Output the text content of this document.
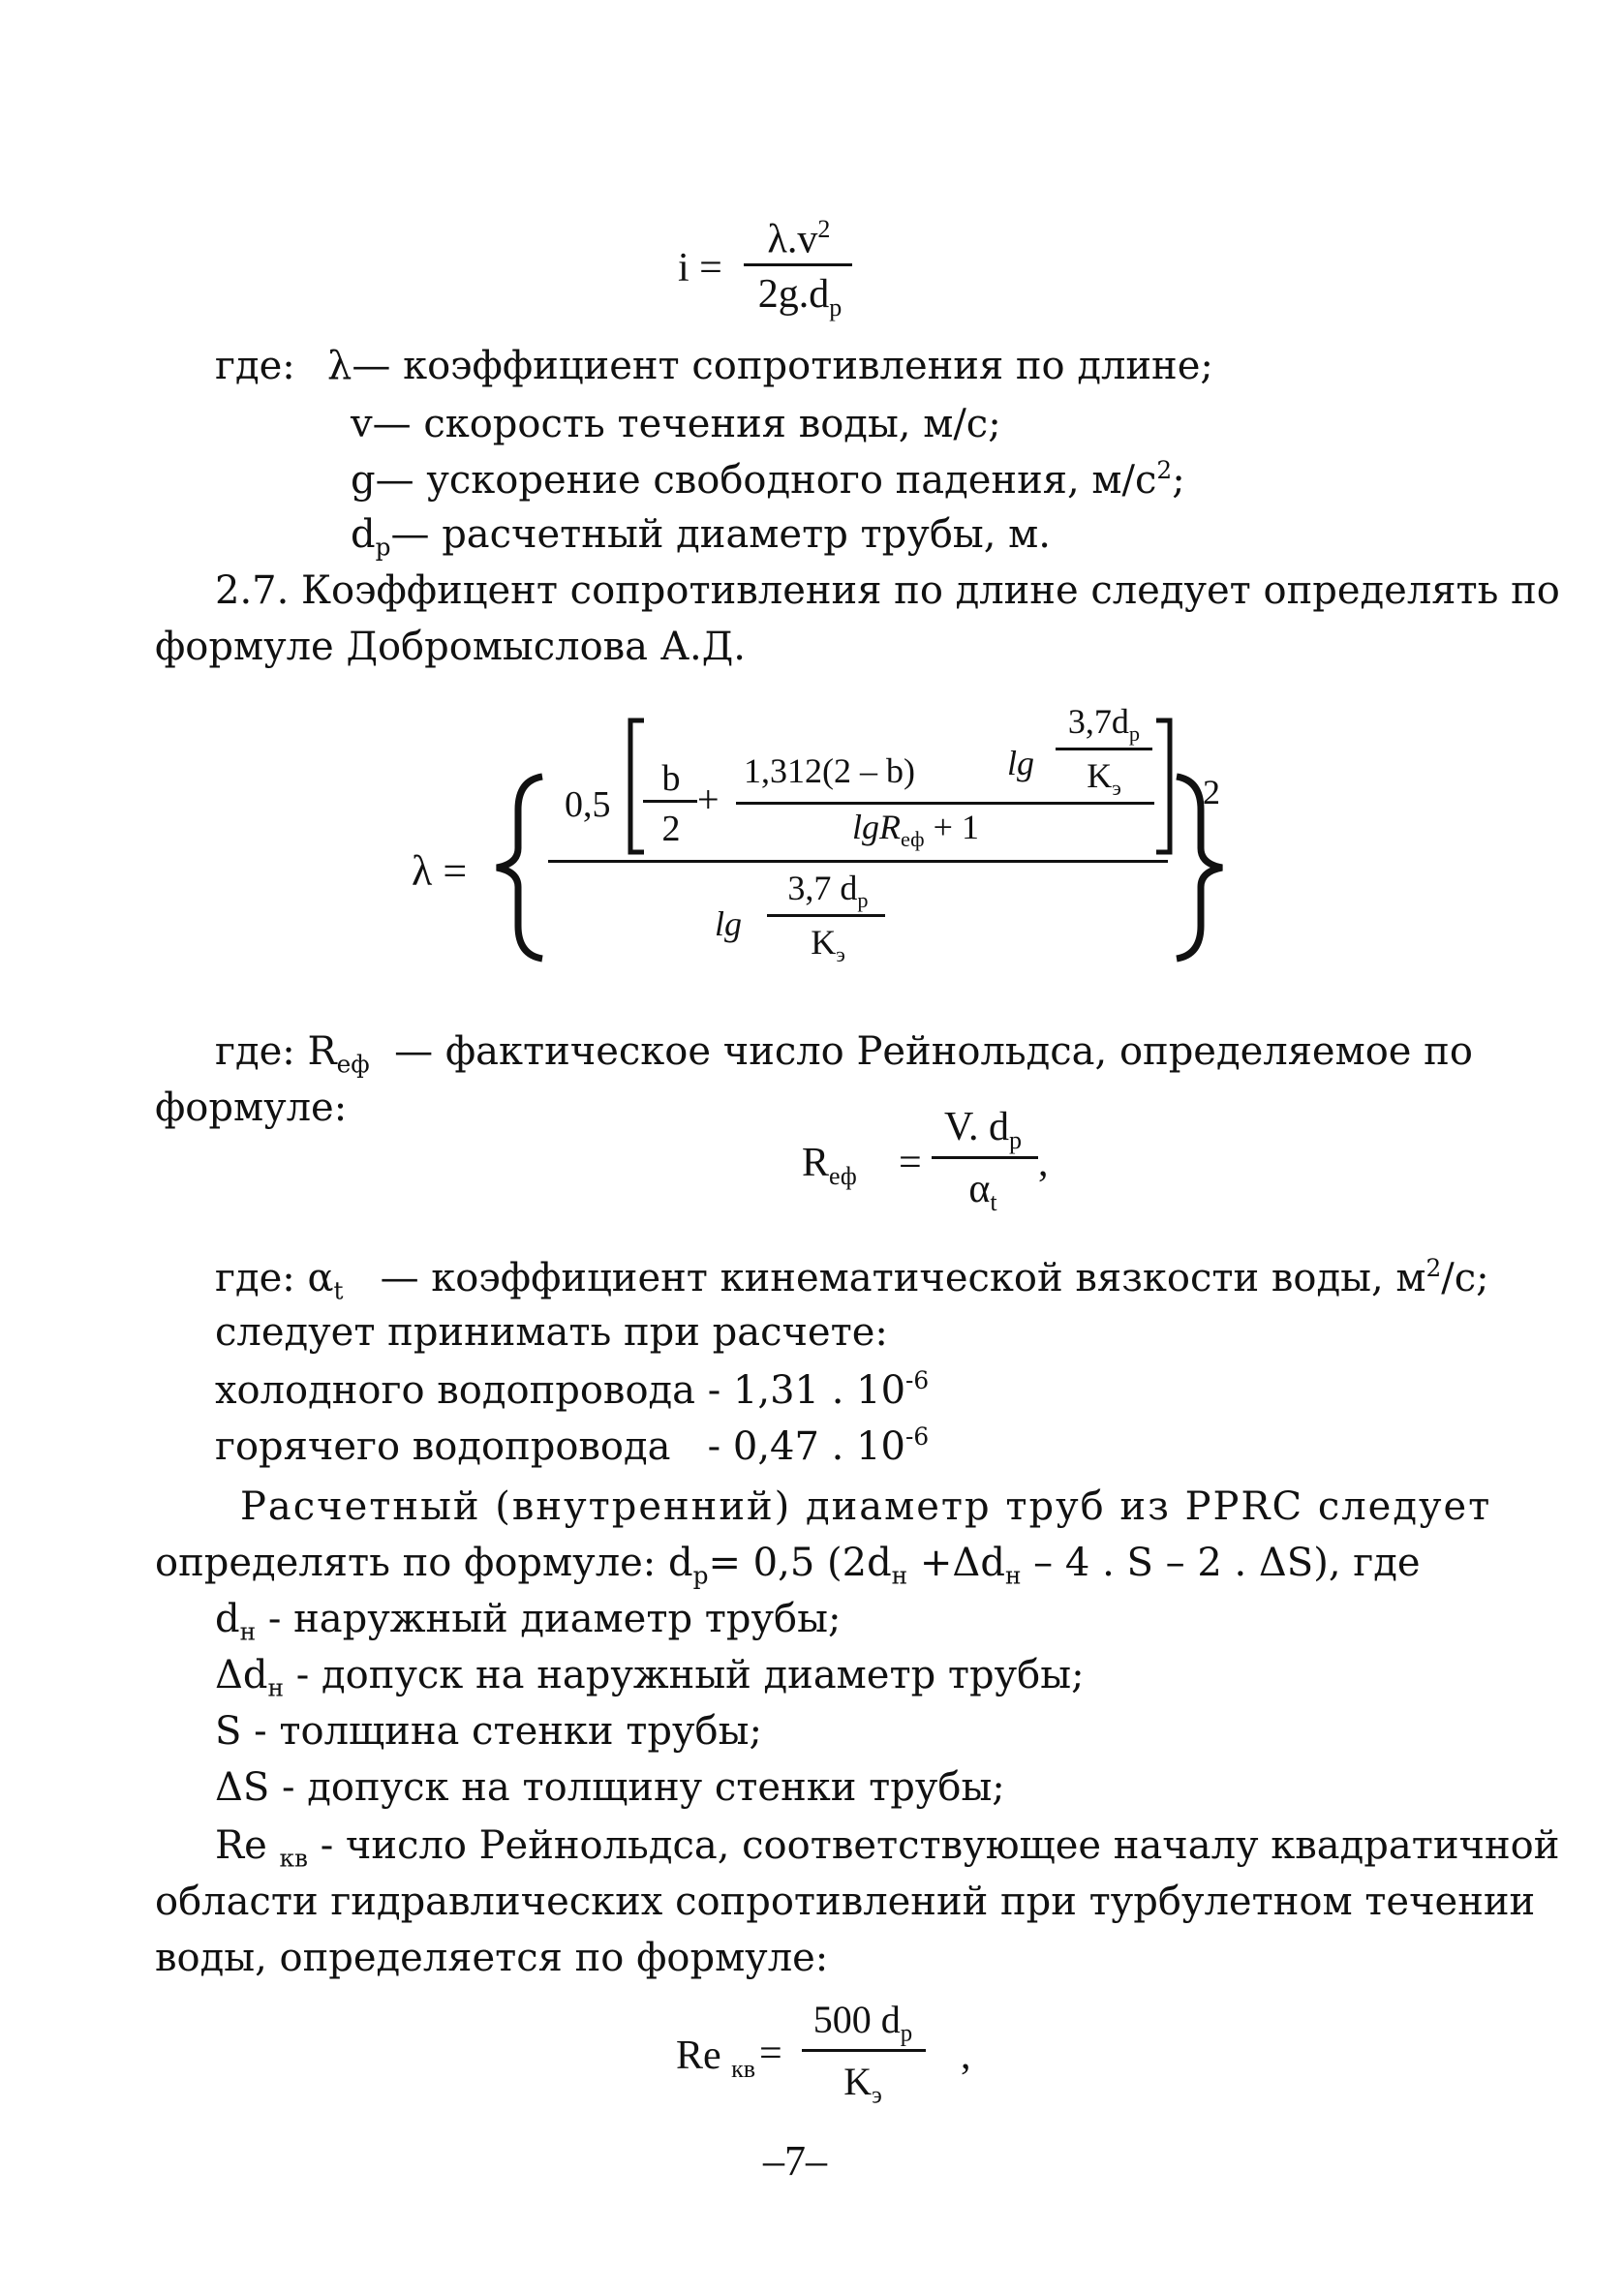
i =
$\lambda.v^2$
$2g.d_р$
где: λ— коэффициент сопротивления по длине;
v— скорость течения воды, м/с;
g— ускорение свободного падения, $м/с^2$;
$d_р—$ расчетный диаметр трубы, м.
2.7. Коэффицент сопротивления по длине следует определять по
формуле Добромыслова А.Д.
λ =
2
0,5
b
2
+
1,312(2 – b)	lg
$3,7d_р$
$K_э$
lgR$_{еф}$ + 1
lg
3,7 $d_р$
$K_э$
где: $R_{еф}$ — фактическое число Рейнольдса, определяемое по
формуле:
$R_{еф}$ =
V. $d_р$
$\alpha_t$
,
где: $\alpha_t$ — коэффициент кинематической вязкости воды, $м^2/с$;
следует принимать при расчете:
холодного водопровода - 1,31 . $10^{-6}$
горячего водопровода   - 0,47 . $10^{-6}$
Расчетный (внутренний) диаметр труб из PPRC следует
определять по формуле: $d_р= 0,5$ ($2d_н +\Delta d_н - 4$ . S – 2 . ΔS), где
$d_н$ - наружный диаметр трубы;
$\Delta d_н$ - допуск на наружный диаметр трубы;
S - толщина стенки трубы;
ΔS - допуск на толщину стенки трубы;
Re $_{кв}$ - число Рейнольдса, соответствующее началу квадратичной
области гидравлических сопротивлений при турбулетном течении
воды, определяется по формуле:
Re $_{кв}$ =
500 $d_р$
$K_э$
,
–7–
